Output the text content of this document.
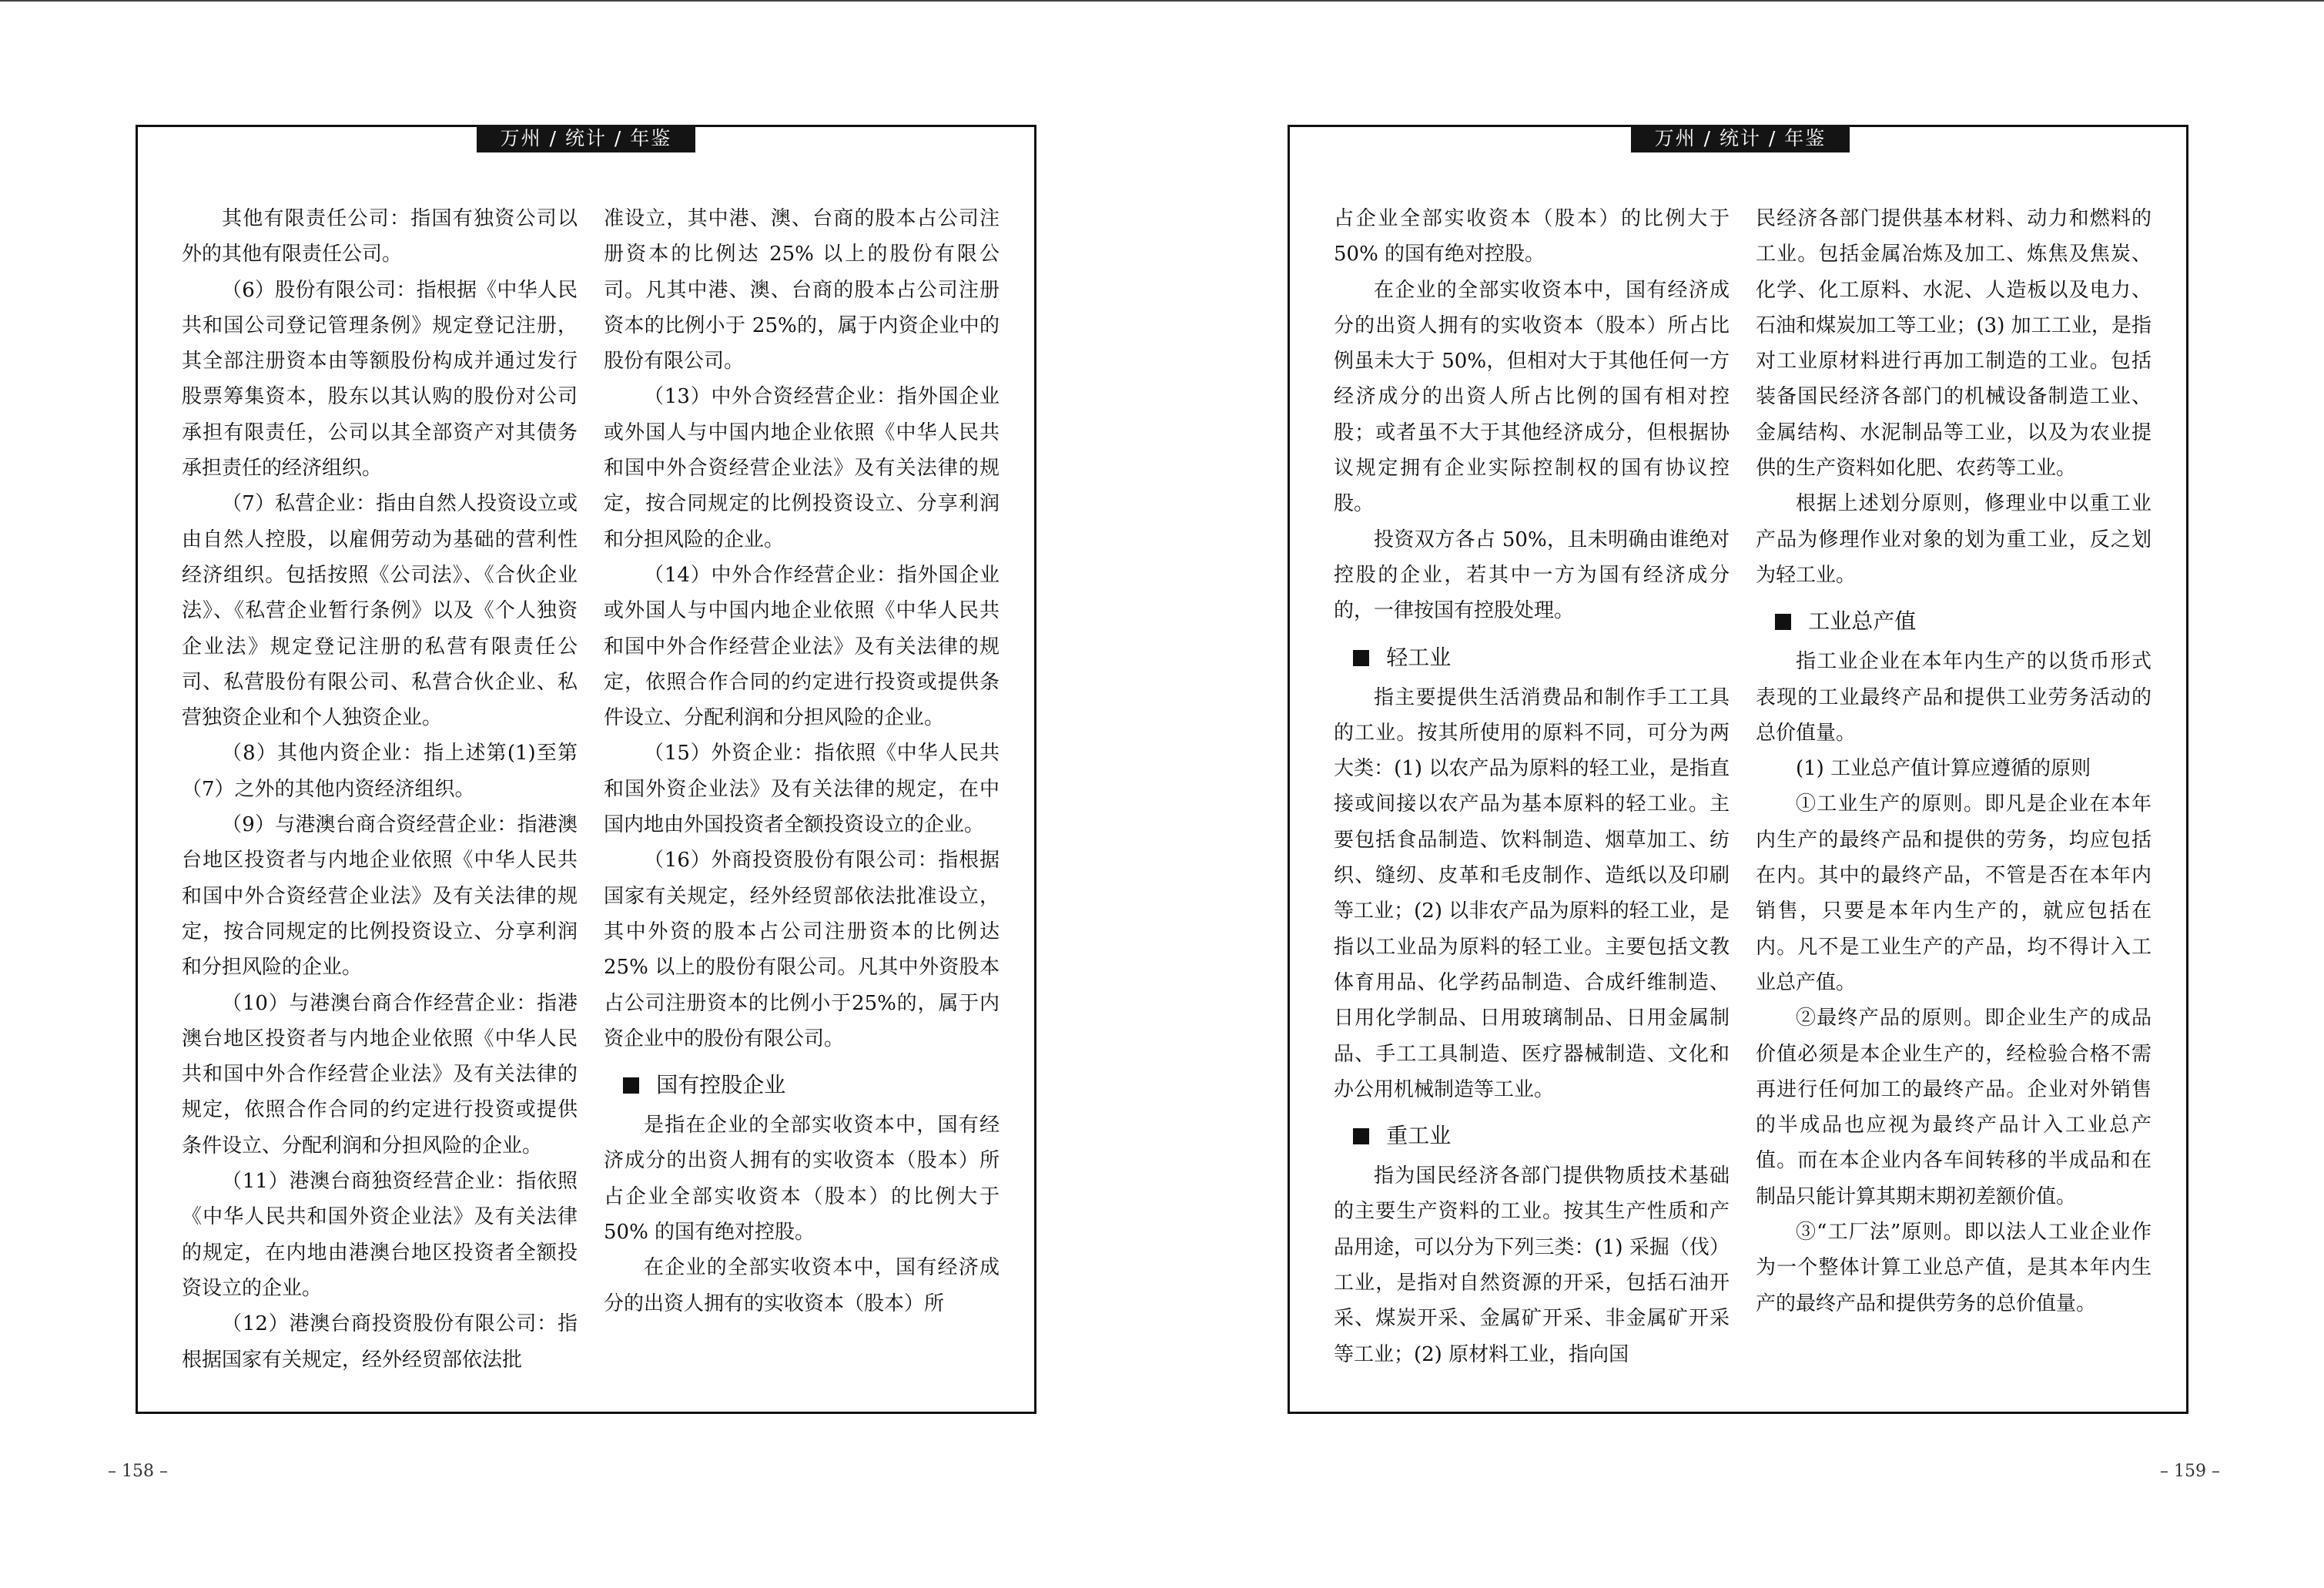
万州 / 统计 / 年鉴

其他有限责任公司：指国有独资公司以外的其他有限责任公司。

（6）股份有限公司：指根据《中华人民共和国公司登记管理条例》规定登记注册，其全部注册资本由等额股份构成并通过发行股票筹集资本，股东以其认购的股份对公司承担有限责任，公司以其全部资产对其债务承担责任的经济组织。

（7）私营企业：指由自然人投资设立或由自然人控股，以雇佣劳动为基础的营利性经济组织。包括按照《公司法》、《合伙企业法》、《私营企业暂行条例》以及《个人独资企业法》规定登记注册的私营有限责任公司、私营股份有限公司、私营合伙企业、私营独资企业和个人独资企业。

（8）其他内资企业：指上述第(1)至第（7）之外的其他内资经济组织。

（9）与港澳台商合资经营企业：指港澳台地区投资者与内地企业依照《中华人民共和国中外合资经营企业法》及有关法律的规定，按合同规定的比例投资设立、分享利润和分担风险的企业。

（10）与港澳台商合作经营企业：指港澳台地区投资者与内地企业依照《中华人民共和国中外合作经营企业法》及有关法律的规定，依照合作合同的约定进行投资或提供条件设立、分配利润和分担风险的企业。

（11）港澳台商独资经营企业：指依照《中华人民共和国外资企业法》及有关法律的规定，在内地由港澳台地区投资者全额投资设立的企业。

（12）港澳台商投资股份有限公司：指根据国家有关规定，经外经贸部依法批

准设立，其中港、澳、台商的股本占公司注册资本的比例达 25% 以上的股份有限公司。凡其中港、澳、台商的股本占公司注册资本的比例小于 25%的，属于内资企业中的股份有限公司。

（13）中外合资经营企业：指外国企业或外国人与中国内地企业依照《中华人民共和国中外合资经营企业法》及有关法律的规定，按合同规定的比例投资设立、分享利润和分担风险的企业。

（14）中外合作经营企业：指外国企业或外国人与中国内地企业依照《中华人民共和国中外合作经营企业法》及有关法律的规定，依照合作合同的约定进行投资或提供条件设立、分配利润和分担风险的企业。

（15）外资企业：指依照《中华人民共和国外资企业法》及有关法律的规定，在中国内地由外国投资者全额投资设立的企业。

（16）外商投资股份有限公司：指根据国家有关规定，经外经贸部依法批准设立，其中外资的股本占公司注册资本的比例达 25% 以上的股份有限公司。凡其中外资股本占公司注册资本的比例小于25%的，属于内资企业中的股份有限公司。

国有控股企业

是指在企业的全部实收资本中，国有经济成分的出资人拥有的实收资本（股本）所占企业全部实收资本（股本）的比例大于 50% 的国有绝对控股。

在企业的全部实收资本中，国有经济成分的出资人拥有的实收资本（股本）所

万州 / 统计 / 年鉴

占企业全部实收资本（股本）的比例大于 50% 的国有绝对控股。

在企业的全部实收资本中，国有经济成分的出资人拥有的实收资本（股本）所占比例虽未大于 50%，但相对大于其他任何一方经济成分的出资人所占比例的国有相对控股；或者虽不大于其他经济成分，但根据协议规定拥有企业实际控制权的国有协议控股。

投资双方各占 50%，且未明确由谁绝对控股的企业，若其中一方为国有经济成分的，一律按国有控股处理。

轻工业

指主要提供生活消费品和制作手工工具的工业。按其所使用的原料不同，可分为两大类：(1) 以农产品为原料的轻工业，是指直接或间接以农产品为基本原料的轻工业。主要包括食品制造、饮料制造、烟草加工、纺织、缝纫、皮革和毛皮制作、造纸以及印刷等工业；(2) 以非农产品为原料的轻工业，是指以工业品为原料的轻工业。主要包括文教体育用品、化学药品制造、合成纤维制造、日用化学制品、日用玻璃制品、日用金属制品、手工工具制造、医疗器械制造、文化和办公用机械制造等工业。

重工业

指为国民经济各部门提供物质技术基础的主要生产资料的工业。按其生产性质和产品用途，可以分为下列三类：(1) 采掘（伐）工业，是指对自然资源的开采，包括石油开采、煤炭开采、金属矿开采、非金属矿开采等工业；(2) 原材料工业，指向国

民经济各部门提供基本材料、动力和燃料的工业。包括金属冶炼及加工、炼焦及焦炭、化学、化工原料、水泥、人造板以及电力、石油和煤炭加工等工业；(3) 加工工业，是指对工业原材料进行再加工制造的工业。包括装备国民经济各部门的机械设备制造工业、金属结构、水泥制品等工业，以及为农业提供的生产资料如化肥、农药等工业。

根据上述划分原则，修理业中以重工业产品为修理作业对象的划为重工业，反之划为轻工业。

工业总产值

指工业企业在本年内生产的以货币形式表现的工业最终产品和提供工业劳务活动的总价值量。

(1) 工业总产值计算应遵循的原则

①工业生产的原则。即凡是企业在本年内生产的最终产品和提供的劳务，均应包括在内。其中的最终产品，不管是否在本年内销售，只要是本年内生产的，就应包括在内。凡不是工业生产的产品，均不得计入工业总产值。

②最终产品的原则。即企业生产的成品价值必须是本企业生产的，经检验合格不需再进行任何加工的最终产品。企业对外销售的半成品也应视为最终产品计入工业总产值。而在本企业内各车间转移的半成品和在制品只能计算其期末期初差额价值。

③“工厂法”原则。即以法人工业企业作为一个整体计算工业总产值，是其本年内生产的最终产品和提供劳务的总价值量。

– 158 –	– 159 –
